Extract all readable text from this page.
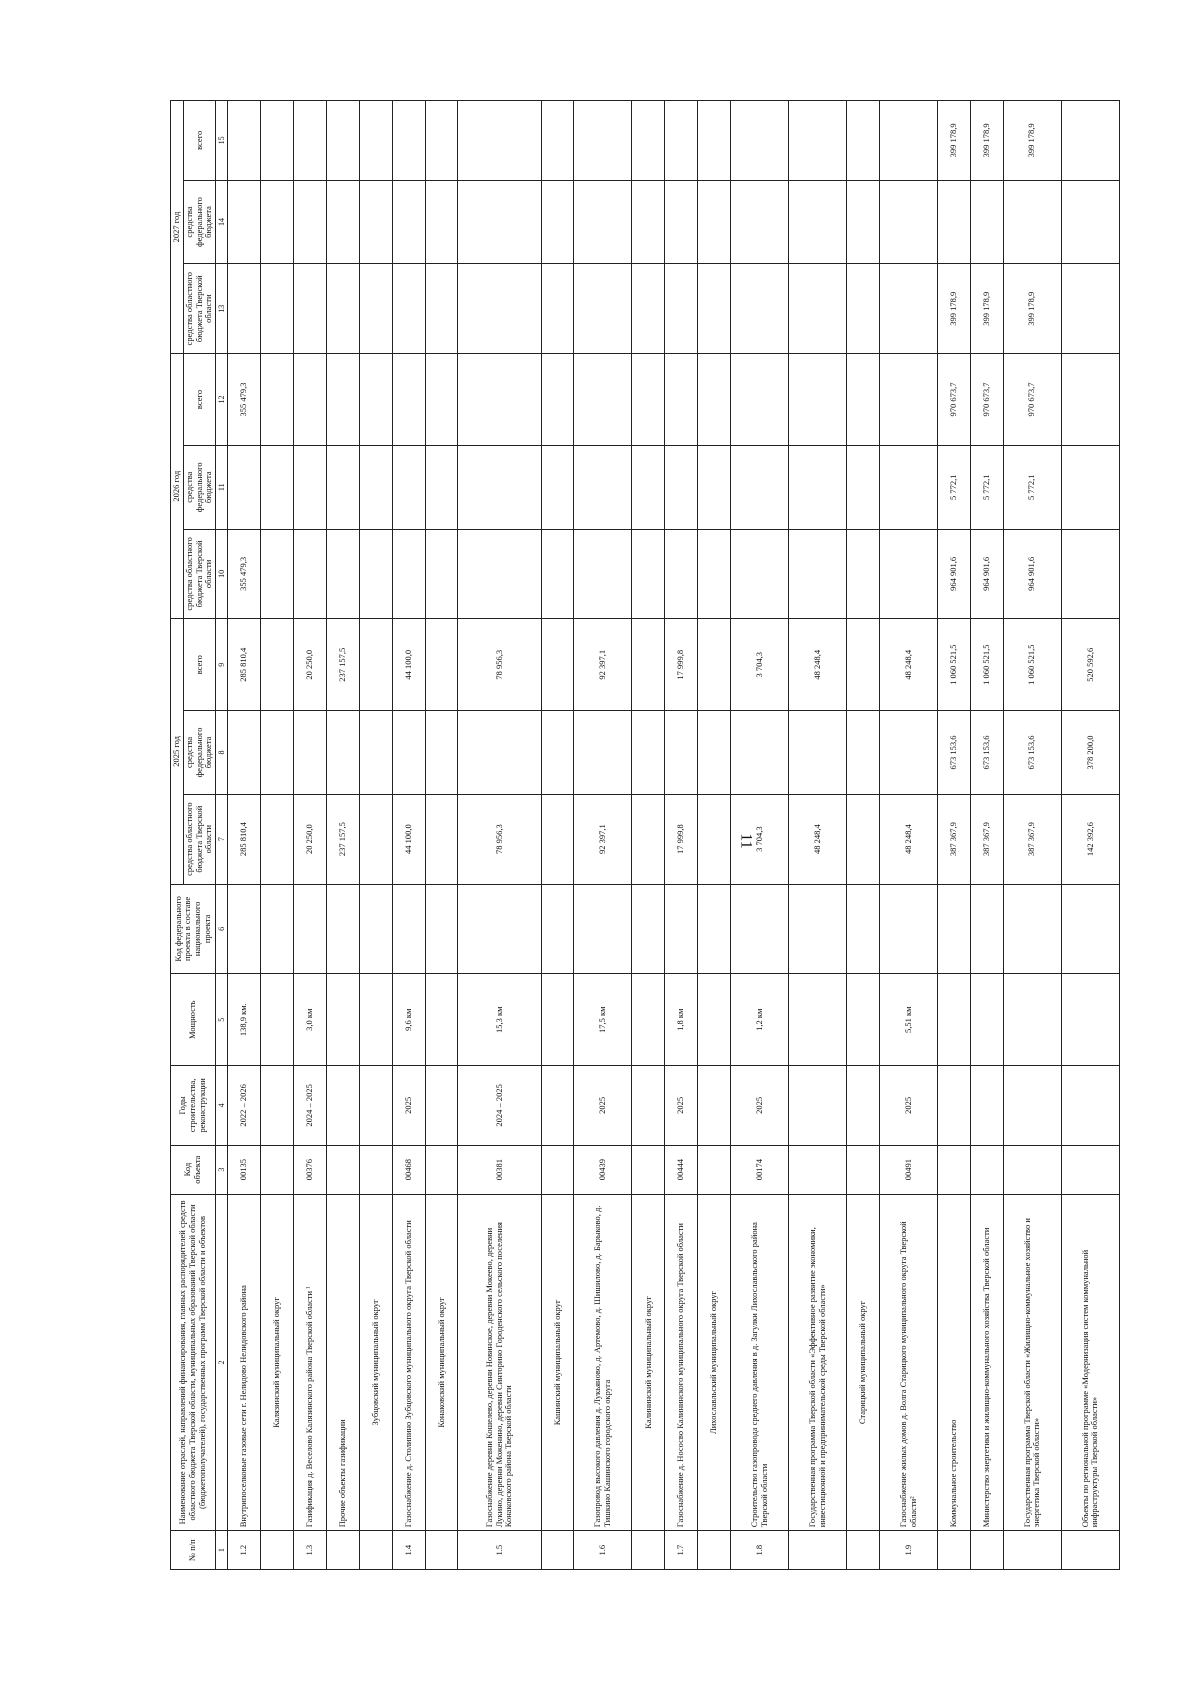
11
№ п/п	Наименование отраслей, направлений финансирования, главных распорядителей средств областного бюджета Тверской области, муниципальных образований Тверской области (бюджетополучателей), государственных программ Тверской области и объектов	Код объекта	Годы строительства, реконструкции	Мощность	Код федерального проекта в составе национального проекта	2025 год			2026 год			2027 год		
						средства областного бюджета Тверской области	средства федерального бюджета	всего	средства областного бюджета Тверской области	средства федерального бюджета	всего	средства областного бюджета Тверской области	средства федерального бюджета	всего
1	2	3	4	5	6	7	8	9	10	11	12	13	14	15
1.2	Внутрипоселковые газовые сети г. Нелидово Нелидовского района	00135	2022 – 2026	138,9 км.		285 810,4		285 810,4	355 479,3		355 479,3			
	Калязинский муниципальный округ													
1.3	Газификация д. Веселово Калязинского района Тверской области ¹	00376	2024 – 2025	3,0 км		20 250,0		20 250,0						
	Прочие объекты газификации					237 157,5		237 157,5						
	Зубцовский муниципальный округ													
1.4	Газоснабжение д. Столипино Зубцовского муниципального округа Тверской области	00468	2025	9,6 км		44 100,0		44 100,0						
	Конаковский муниципальный округ													
1.5	Газоснабжение деревни Кошелево, деревни Новинское, деревни Мокеево, деревни Лукино, деревни Моженино, деревни Синторино Городенского сельского поселения Конаковского района Тверской области	00381	2024 – 2025	15,3 км		78 956,3		78 956,3						
	Кашинский муниципальный округ													
1.6	Газопровод высокого давления д. Лукьяново, д. Артемово, д. Шишилово, д. Барыково, д. Тишкино Кашинского городского округа	00439	2025	17,5 км		92 397,1		92 397,1						
	Калининский муниципальный округ													
1.7	Газоснабжение д. Нососво Калининского муниципального округа Тверской области	00444	2025	1,8 км		17 999,8		17 999,8						
	Лихославльский муниципальный округ													
1.8	Строительство газопровода среднего давления в д. Загулки Лихославльского района Тверской области	00174	2025	1,2 км		3 704,3		3 704,3						
	Государственная программа Тверской области «Эффективное развитие экономики, инвестиционной и предпринимательской среды Тверской области»					48 248,4		48 248,4						
	Старицкий муниципальный округ													
1.9	Газоснабжение жилых домов д. Волга Старицкого муниципального округа Тверской области²	00491	2025	5,51 км		48 248,4		48 248,4						
	Коммунальное строительство					387 367,9	673 153,6	1 060 521,5	964 901,6	5 772,1	970 673,7	399 178,9		399 178,9
	Министерство энергетики и жилищно-коммунального хозяйства Тверской области					387 367,9	673 153,6	1 060 521,5	964 901,6	5 772,1	970 673,7	399 178,9		399 178,9
	Государственная программа Тверской области «Жилищно-коммунальное хозяйство и энергетика Тверской области»					387 367,9	673 153,6	1 060 521,5	964 901,6	5 772,1	970 673,7	399 178,9		399 178,9
	Объекты по региональной программе «Модернизация систем коммунальной инфраструктуры Тверской области»					142 392,6	378 200,0	520 592,6						
